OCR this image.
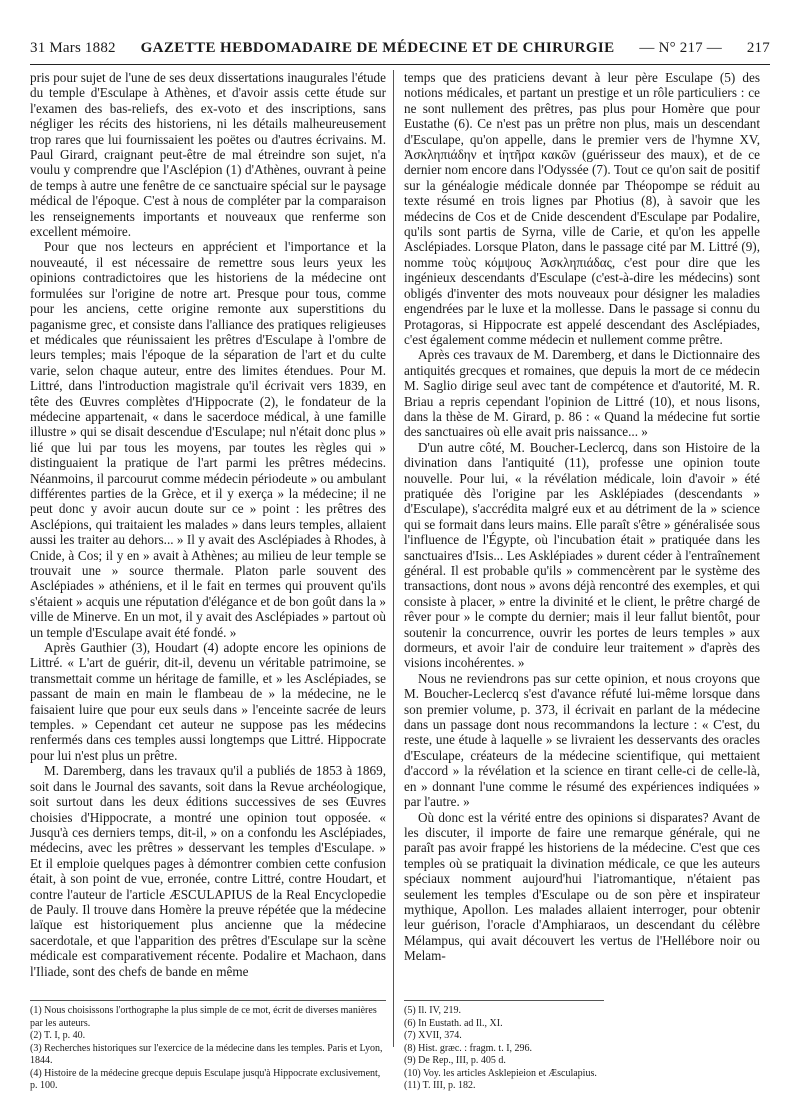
31 Mars 1882 GAZETTE HEBDOMADAIRE DE MÉDECINE ET DE CHIRURGIE — N° 217 — 217

pris pour sujet de l'une de ses deux dissertations inaugurales l'étude du temple d'Esculape à Athènes, et d'avoir assis cette étude sur l'examen des bas-reliefs, des ex-voto et des inscriptions, sans négliger les récits des historiens, ni les détails malheureusement trop rares que lui fournissaient les poëtes ou d'autres écrivains. M. Paul Girard, craignant peut-être de mal étreindre son sujet, n'a voulu y comprendre que l'Asclépion (1) d'Athènes, ouvrant à peine de temps à autre une fenêtre de ce sanctuaire spécial sur le paysage médical de l'époque. C'est à nous de compléter par la comparaison les renseignements importants et nouveaux que renferme son excellent mémoire.

Pour que nos lecteurs en apprécient et l'importance et la nouveauté, il est nécessaire de remettre sous leurs yeux les opinions contradictoires que les historiens de la médecine ont formulées sur l'origine de notre art. Presque pour tous, comme pour les anciens, cette origine remonte aux superstitions du paganisme grec, et consiste dans l'alliance des pratiques religieuses et médicales que réunissaient les prêtres d'Esculape à l'ombre de leurs temples; mais l'époque de la séparation de l'art et du culte varie, selon chaque auteur, entre des limites étendues. Pour M. Littré, dans l'introduction magistrale qu'il écrivait vers 1839, en tête des Œuvres complètes d'Hippocrate (2), le fondateur de la médecine appartenait, « dans le sacerdoce médical, à une famille illustre » qui se disait descendue d'Esculape; nul n'était donc plus » lié que lui par tous les moyens, par toutes les règles qui » distinguaient la pratique de l'art parmi les prêtres médecins. Néanmoins, il parcourut comme médecin périodeute » ou ambulant différentes parties de la Grèce, et il y exerça » la médecine; il ne peut donc y avoir aucun doute sur ce » point : les prêtres des Asclépions, qui traitaient les malades » dans leurs temples, allaient aussi les traiter au dehors... » Il y avait des Asclépiades à Rhodes, à Cnide, à Cos; il y en » avait à Athènes; au milieu de leur temple se trouvait une » source thermale. Platon parle souvent des Asclépiades » athéniens, et il le fait en termes qui prouvent qu'ils s'étaient » acquis une réputation d'élégance et de bon goût dans la » ville de Minerve. En un mot, il y avait des Asclépiades » partout où un temple d'Esculape avait été fondé. »

Après Gauthier (3), Houdart (4) adopte encore les opinions de Littré. « L'art de guérir, dit-il, devenu un véritable patrimoine, se transmettait comme un héritage de famille, et » les Asclépiades, se passant de main en main le flambeau de » la médecine, ne le faisaient luire que pour eux seuls dans » l'enceinte sacrée de leurs temples. » Cependant cet auteur ne suppose pas les médecins renfermés dans ces temples aussi longtemps que Littré. Hippocrate pour lui n'est plus un prêtre.

M. Daremberg, dans les travaux qu'il a publiés de 1853 à 1869, soit dans le Journal des savants, soit dans la Revue archéologique, soit surtout dans les deux éditions successives de ses Œuvres choisies d'Hippocrate, a montré une opinion tout opposée. « Jusqu'à ces derniers temps, dit-il, » on a confondu les Asclépiades, médecins, avec les prêtres » desservant les temples d'Esculape. » Et il emploie quelques pages à démontrer combien cette confusion était, à son point de vue, erronée, contre Littré, contre Houdart, et contre l'auteur de l'article ÆSCULAPIUS de la Real Encyclopedie de Pauly. Il trouve dans Homère la preuve répétée que la médecine laïque est historiquement plus ancienne que la médecine sacerdotale, et que l'apparition des prêtres d'Esculape sur la scène médicale est comparativement récente. Podalire et Machaon, dans l'Iliade, sont des chefs de bande en même

temps que des praticiens devant à leur père Esculape (5) des notions médicales, et partant un prestige et un rôle particuliers : ce ne sont nullement des prêtres, pas plus pour Homère que pour Eustathe (6). Ce n'est pas un prêtre non plus, mais un descendant d'Esculape, qu'on appelle, dans le premier vers de l'hymne XV, Ἀσκληπιάδην et ἰητῆρα κακῶν (guérisseur des maux), et de ce dernier nom encore dans l'Odyssée (7). Tout ce qu'on sait de positif sur la généalogie médicale donnée par Théopompe se réduit au texte résumé en trois lignes par Photius (8), à savoir que les médecins de Cos et de Cnide descendent d'Esculape par Podalire, qu'ils sont partis de Syrna, ville de Carie, et qu'on les appelle Asclépiades. Lorsque Platon, dans le passage cité par M. Littré (9), nomme τοὺς κόμψους Ἀσκληπιάδας, c'est pour dire que les ingénieux descendants d'Esculape (c'est-à-dire les médecins) sont obligés d'inventer des mots nouveaux pour désigner les maladies engendrées par le luxe et la mollesse. Dans le passage si connu du Protagoras, si Hippocrate est appelé descendant des Asclépiades, c'est également comme médecin et nullement comme prêtre.

Après ces travaux de M. Daremberg, et dans le Dictionnaire des antiquités grecques et romaines, que depuis la mort de ce médecin M. Saglio dirige seul avec tant de compétence et d'autorité, M. R. Briau a repris cependant l'opinion de Littré (10), et nous lisons, dans la thèse de M. Girard, p. 86 : « Quand la médecine fut sortie des sanctuaires où elle avait pris naissance... »

D'un autre côté, M. Boucher-Leclercq, dans son Histoire de la divination dans l'antiquité (11), professe une opinion toute nouvelle. Pour lui, « la révélation médicale, loin d'avoir » été pratiquée dès l'origine par les Asklépiades (descendants » d'Esculape), s'accrédita malgré eux et au détriment de la » science qui se formait dans leurs mains. Elle paraît s'être » généralisée sous l'influence de l'Égypte, où l'incubation était » pratiquée dans les sanctuaires d'Isis... Les Asklépiades » durent céder à l'entraînement général. Il est probable qu'ils » commencèrent par le système des transactions, dont nous » avons déjà rencontré des exemples, et qui consiste à placer, » entre la divinité et le client, le prêtre chargé de rêver pour » le compte du dernier; mais il leur fallut bientôt, pour soutenir la concurrence, ouvrir les portes de leurs temples » aux dormeurs, et avoir l'air de conduire leur traitement » d'après des visions incohérentes. »

Nous ne reviendrons pas sur cette opinion, et nous croyons que M. Boucher-Leclercq s'est d'avance réfuté lui-même lorsque dans son premier volume, p. 373, il écrivait en parlant de la médecine dans un passage dont nous recommandons la lecture : « C'est, du reste, une étude à laquelle » se livraient les desservants des oracles d'Esculape, créateurs de la médecine scientifique, qui mettaient d'accord » la révélation et la science en tirant celle-ci de celle-là, en » donnant l'une comme le résumé des expériences indiquées » par l'autre. »

Où donc est la vérité entre des opinions si disparates? Avant de les discuter, il importe de faire une remarque générale, qui ne paraît pas avoir frappé les historiens de la médecine. C'est que ces temples où se pratiquait la divination médicale, ce que les auteurs spéciaux nomment aujourd'hui l'iatromantique, n'étaient pas seulement les temples d'Esculape ou de son père et inspirateur mythique, Apollon. Les malades allaient interroger, pour obtenir leur guérison, l'oracle d'Amphiaraos, un descendant du célèbre Mélampus, qui avait découvert les vertus de l'Hellébore noir ou Melam-

(1) Nous choisissons l'orthographe la plus simple de ce mot, écrit de diverses manières par les auteurs.
(2) T. I, p. 40.
(3) Recherches historiques sur l'exercice de la médecine dans les temples. Paris et Lyon, 1844.
(4) Histoire de la médecine grecque depuis Esculape jusqu'à Hippocrate exclusivement, p. 100.
(5) Il. IV, 219.
(6) In Eustath. ad Il., XI.
(7) XVII, 374.
(8) Hist. græc. : fragm. t. I, 296.
(9) De Rep., III, p. 405 d.
(10) Voy. les articles Asklepieion et Æsculapius.
(11) T. III, p. 182.
